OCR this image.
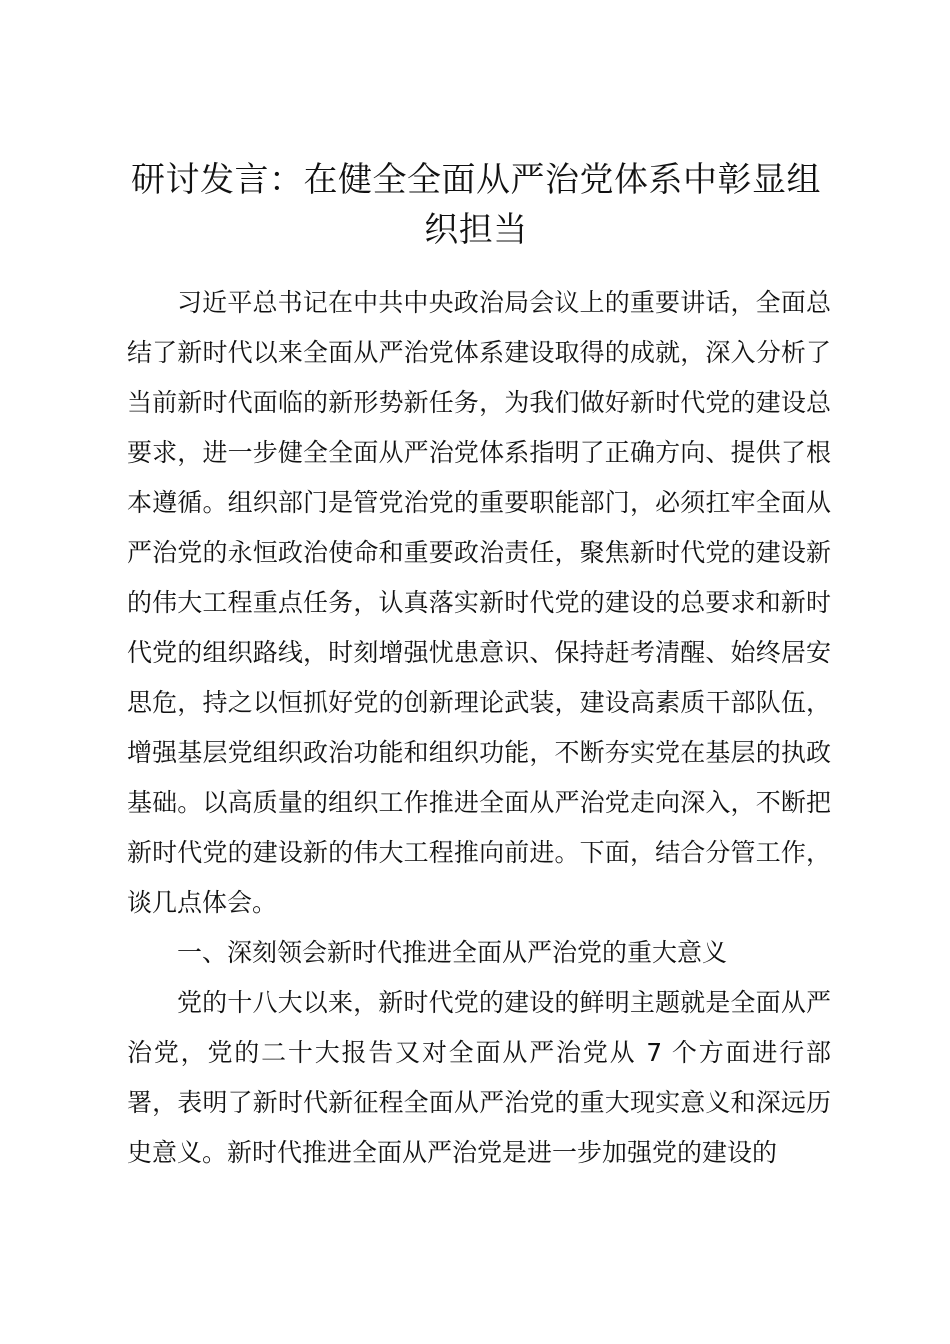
研讨发言：在健全全面从严治党体系中彰显组织担当

习近平总书记在中共中央政治局会议上的重要讲话，全面总结了新时代以来全面从严治党体系建设取得的成就，深入分析了当前新时代面临的新形势新任务，为我们做好新时代党的建设总要求，进一步健全全面从严治党体系指明了正确方向、提供了根本遵循。组织部门是管党治党的重要职能部门，必须扛牢全面从严治党的永恒政治使命和重要政治责任，聚焦新时代党的建设新的伟大工程重点任务，认真落实新时代党的建设的总要求和新时代党的组织路线，时刻增强忧患意识、保持赶考清醒、始终居安思危，持之以恒抓好党的创新理论武装，建设高素质干部队伍，增强基层党组织政治功能和组织功能，不断夯实党在基层的执政基础。以高质量的组织工作推进全面从严治党走向深入，不断把新时代党的建设新的伟大工程推向前进。下面，结合分管工作，谈几点体会。

一、深刻领会新时代推进全面从严治党的重大意义

党的十八大以来，新时代党的建设的鲜明主题就是全面从严治党，党的二十大报告又对全面从严治党从 7 个方面进行部署，表明了新时代新征程全面从严治党的重大现实意义和深远历史意义。新时代推进全面从严治党是进一步加强党的建设的
